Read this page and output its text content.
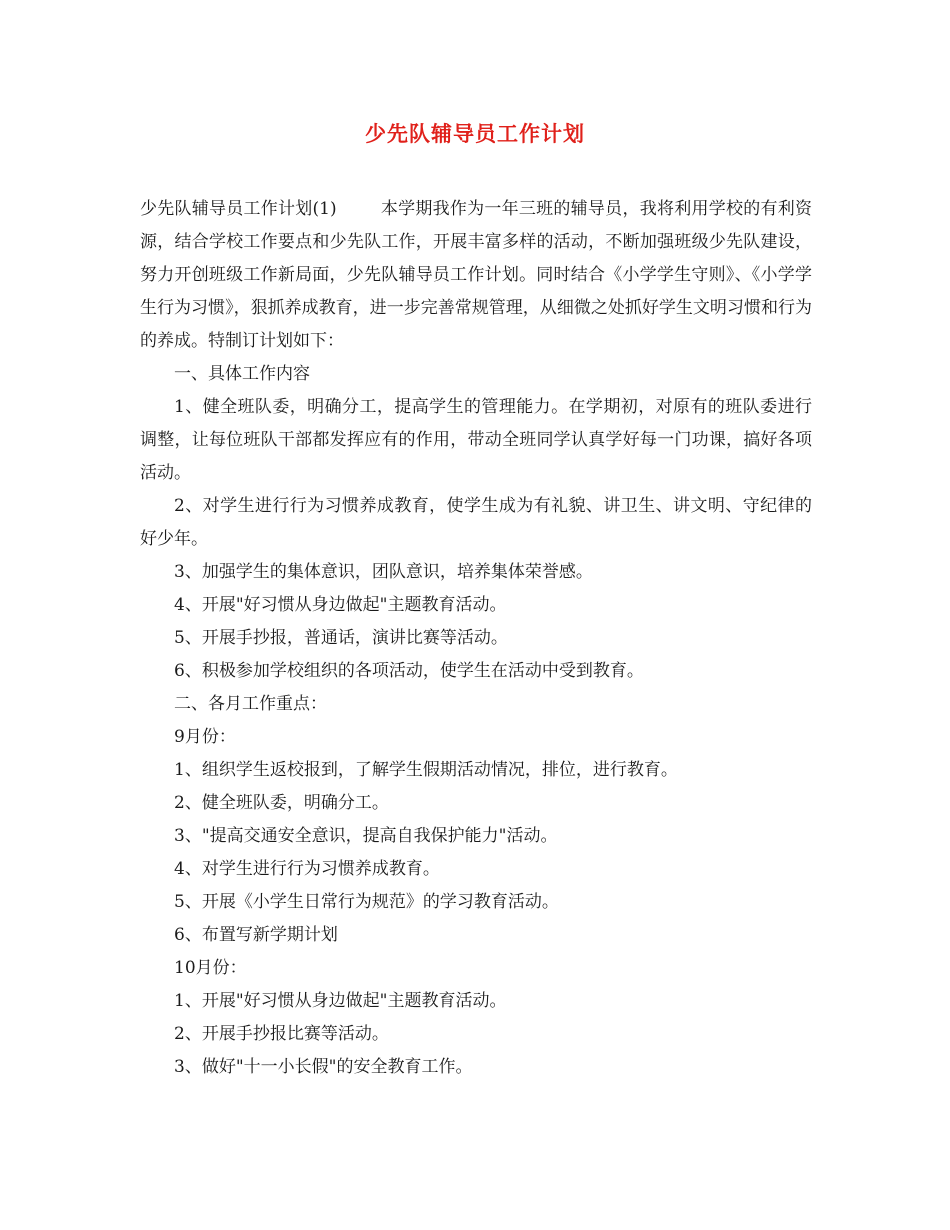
少先队辅导员工作计划

少先队辅导员工作计划(1)	本学期我作为一年三班的辅导员，我将利用学校的有利资源，结合学校工作要点和少先队工作，开展丰富多样的活动，不断加强班级少先队建设，努力开创班级工作新局面，少先队辅导员工作计划。同时结合《小学学生守则》、《小学学生行为习惯》，狠抓养成教育，进一步完善常规管理，从细微之处抓好学生文明习惯和行为的养成。特制订计划如下：

一、具体工作内容

1、健全班队委，明确分工，提高学生的管理能力。在学期初，对原有的班队委进行调整，让每位班队干部都发挥应有的作用，带动全班同学认真学好每一门功课，搞好各项活动。

2、对学生进行行为习惯养成教育，使学生成为有礼貌、讲卫生、讲文明、守纪律的好少年。

3、加强学生的集体意识，团队意识，培养集体荣誉感。

4、开展"好习惯从身边做起"主题教育活动。

5、开展手抄报，普通话，演讲比赛等活动。

6、积极参加学校组织的各项活动，使学生在活动中受到教育。

二、各月工作重点：

9月份：

1、组织学生返校报到，了解学生假期活动情况，排位，进行教育。

2、健全班队委，明确分工。

3、"提高交通安全意识，提高自我保护能力"活动。

4、对学生进行行为习惯养成教育。

5、开展《小学生日常行为规范》的学习教育活动。

6、布置写新学期计划

10月份：

1、开展"好习惯从身边做起"主题教育活动。

2、开展手抄报比赛等活动。

3、做好"十一小长假"的安全教育工作。
